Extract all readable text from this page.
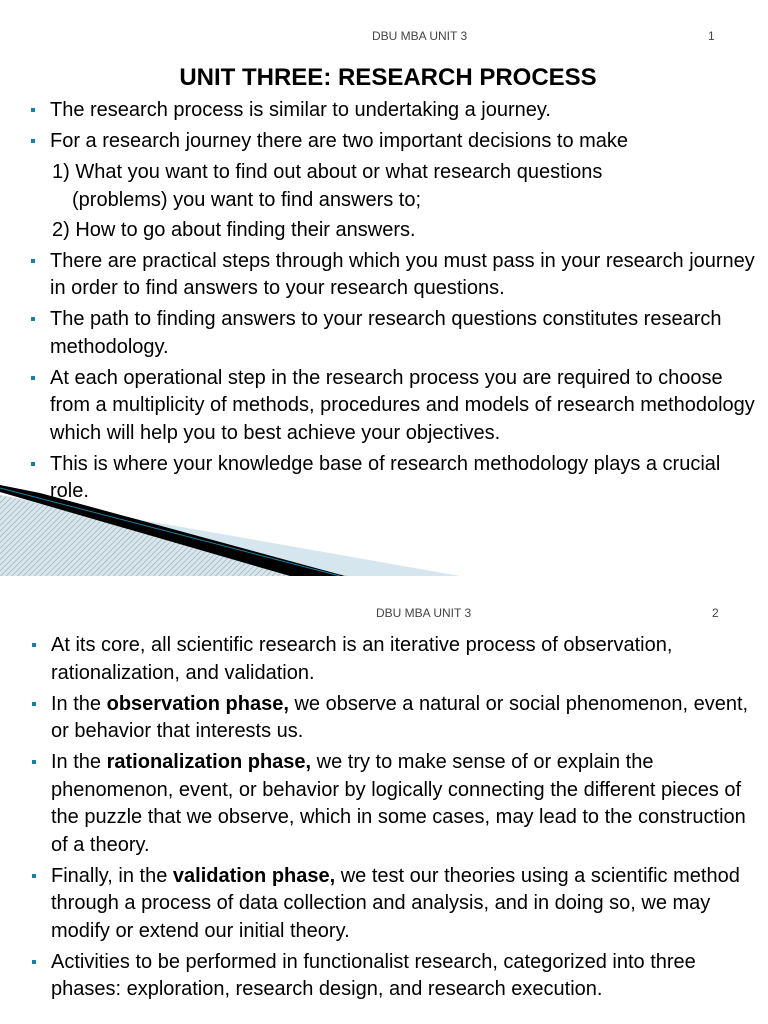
DBU MBA UNIT 3	1
UNIT THREE: RESEARCH PROCESS
The research process is similar to undertaking a journey.
For a research journey there are two important decisions to make
1) What you want to find out about or what research questions
(problems) you want to find answers to;
2) How to go about finding their answers.
There are practical steps through which you must pass in your research journey in order to find answers to your research questions.
The path to finding answers to your research questions constitutes research methodology.
At each operational step in the research process you are required to choose from a multiplicity of methods, procedures and models of research methodology which will help you to best achieve your objectives.
This is where your knowledge base of research methodology plays a crucial role.
DBU MBA UNIT 3	2
At its core, all scientific research is an iterative process of observation, rationalization, and validation.
In the observation phase, we observe a natural or social phenomenon, event, or behavior that interests us.
In the rationalization phase, we try to make sense of or explain the phenomenon, event, or behavior by logically connecting the different pieces of the puzzle that we observe, which in some cases, may lead to the construction of a theory.
Finally, in the validation phase, we test our theories using a scientific method through a process of data collection and analysis, and in doing so, we may modify or extend our initial theory.
Activities to be performed in functionalist research, categorized into three phases: exploration, research design, and research execution.
